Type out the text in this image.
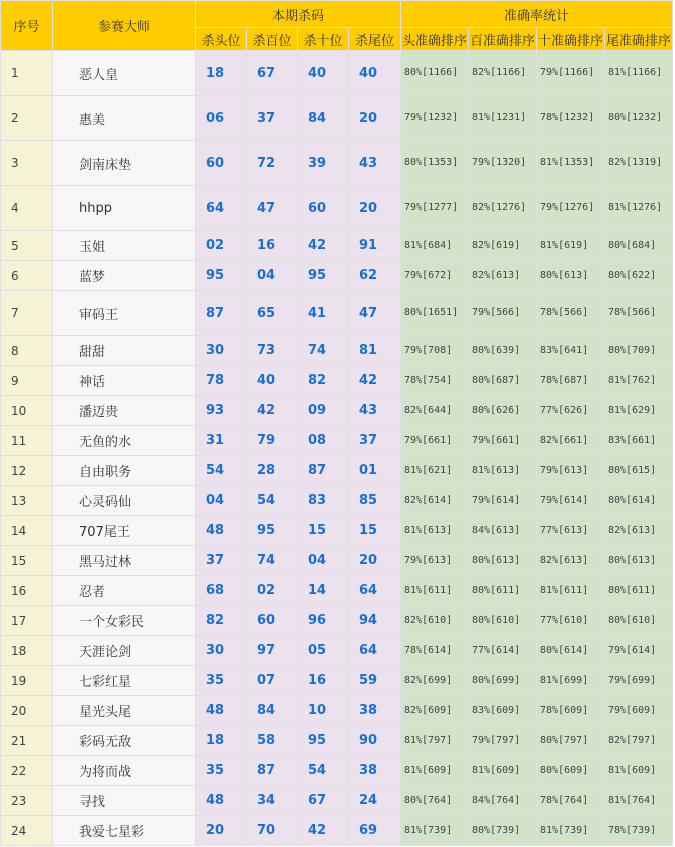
序号	参赛大师	本期杀码				准确率统计			
		杀头位	杀百位	杀十位	杀尾位	头准确排序	百准确排序	十准确排序	尾准确排序
1	恶人皇	18	67	40	40	80%[1166]	82%[1166]	79%[1166]	81%[1166]
2	惠美	06	37	84	20	79%[1232]	81%[1231]	78%[1232]	80%[1232]
3	剑南床垫	60	72	39	43	80%[1353]	79%[1320]	81%[1353]	82%[1319]
4	hhpp	64	47	60	20	79%[1277]	82%[1276]	79%[1276]	81%[1276]
5	玉姐	02	16	42	91	81%[684]	82%[619]	81%[619]	80%[684]
6	蓝梦	95	04	95	62	79%[672]	82%[613]	80%[613]	80%[622]
7	审码王	87	65	41	47	80%[1651]	79%[566]	78%[566]	78%[566]
8	甜甜	30	73	74	81	79%[708]	80%[639]	83%[641]	80%[709]
9	神话	78	40	82	42	78%[754]	80%[687]	78%[687]	81%[762]
10	潘迈贵	93	42	09	43	82%[644]	80%[626]	77%[626]	81%[629]
11	无鱼的水	31	79	08	37	79%[661]	79%[661]	82%[661]	83%[661]
12	自由职务	54	28	87	01	81%[621]	81%[613]	79%[613]	80%[615]
13	心灵码仙	04	54	83	85	82%[614]	79%[614]	79%[614]	80%[614]
14	707尾王	48	95	15	15	81%[613]	84%[613]	77%[613]	82%[613]
15	黑马过林	37	74	04	20	79%[613]	80%[613]	82%[613]	80%[613]
16	忍者	68	02	14	64	81%[611]	80%[611]	81%[611]	80%[611]
17	一个女彩民	82	60	96	94	82%[610]	80%[610]	77%[610]	80%[610]
18	天涯论剑	30	97	05	64	78%[614]	77%[614]	80%[614]	79%[614]
19	七彩红星	35	07	16	59	82%[699]	80%[699]	81%[699]	79%[699]
20	星光头尾	48	84	10	38	82%[609]	83%[609]	78%[609]	79%[609]
21	彩码无敌	18	58	95	90	81%[797]	79%[797]	80%[797]	82%[797]
22	为将而战	35	87	54	38	81%[609]	81%[609]	80%[609]	81%[609]
23	寻找	48	34	67	24	80%[764]	84%[764]	78%[764]	81%[764]
24	我爱七星彩	20	70	42	69	81%[739]	80%[739]	81%[739]	78%[739]
